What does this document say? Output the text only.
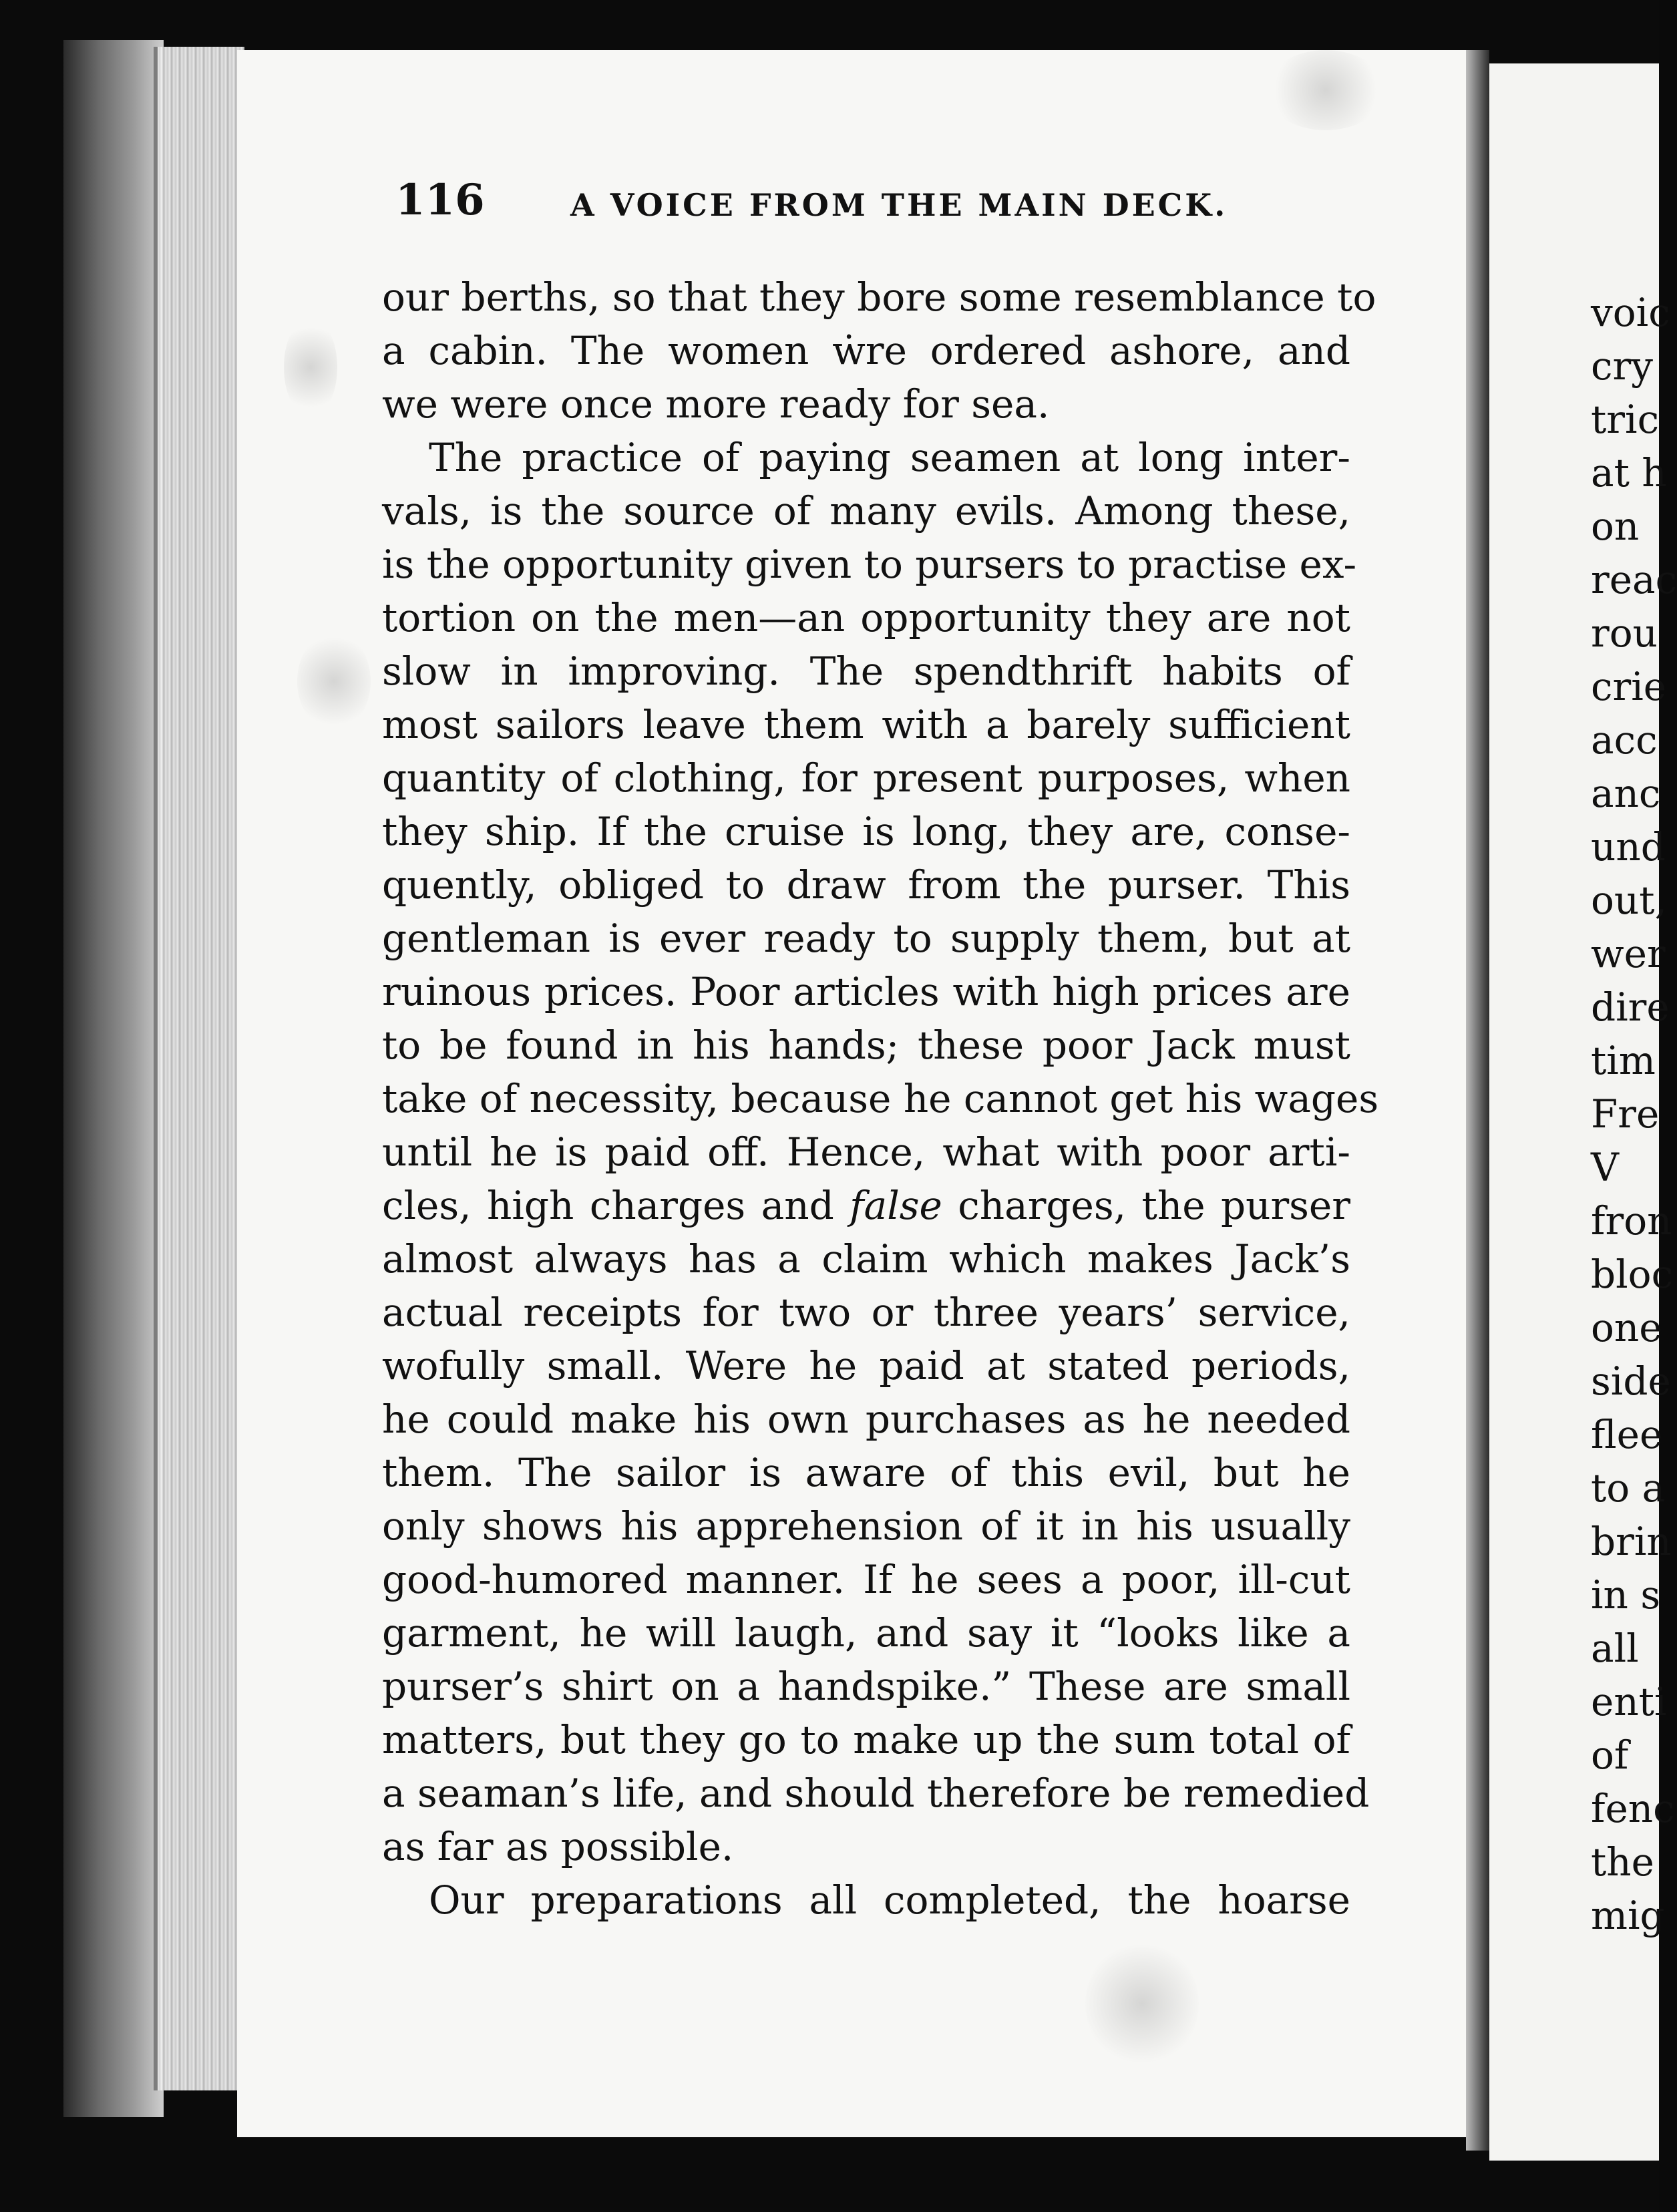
116	A VOICE FROM THE MAIN DECK.
our berths, so that they bore some resemblance to
a cabin. The women ẇre ordered ashore, and
we were once more ready for sea.
The practice of paying seamen at long inter-
vals, is the source of many evils. Among these,
is the opportunity given to pursers to practise ex-
tortion on the men—an opportunity they are not
slow in improving. The spendthrift habits of
most sailors leave them with a barely sufficient
quantity of clothing, for present purposes, when
they ship. If the cruise is long, they are, conse-
quently, obliged to draw from the purser. This
gentleman is ever ready to supply them, but at
ruinous prices. Poor articles with high prices are
to be found in his hands; these poor Jack must
take of necessity, because he cannot get his wages
until he is paid off. Hence, what with poor arti-
cles, high charges and false charges, the purser
almost always has a claim which makes Jack’s
actual receipts for two or three years’ service,
wofully small. Were he paid at stated periods,
he could make his own purchases as he needed
them. The sailor is aware of this evil, but he
only shows his apprehension of it in his usually
good-humored manner. If he sees a poor, ill-cut
garment, he will laugh, and say it “looks like a
purser’s shirt on a handspike.” These are small
matters, but they go to make up the sum total of
a seaman’s life, and should therefore be remedied
as far as possible.
Our preparations all completed, the hoarse
voic
cry
tric
at h
on
reac
rou
crie
acc
anc
und
out,
wer
dire
tim
Fre
V
fron
bloc
one
side
flee
to a
brin
in s
all
enti
of
fenc
the
mig
